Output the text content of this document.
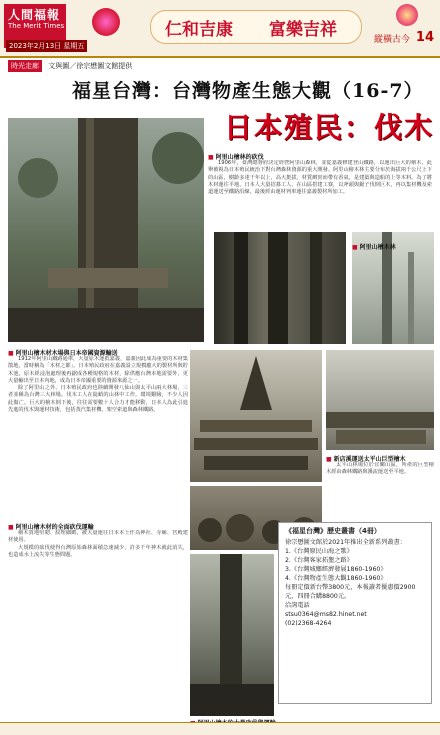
人間福報
The Merit Times
2023年2月13日 星期五
仁和吉康 富樂吉祥	縱橫古今 14
時光走廊 文與圖／徐宗懋圖文館提供
福星台灣：台灣物產生態大觀（16-7）
日本殖民：伐木
■ 阿里山檜林的砍伐

1906年，臺灣總督府決定經營阿里山森林，並從嘉義修建登山鐵路，以運出巨大的檜木，此舉被視為日本殖民統治下對台灣森林資源的重大開發。阿里山檜木林主要分布於海拔兩千公尺上下的山區，樹齡多達千年以上，高大挺拔，材質緻密而帶有香氣，是建築與造船的上等木料。為了將木材運往平地，日本人大量招募工人，在山區搭建工寮，以斧頭與鋸子伐倒巨木，再以集材機及索道運送至鐵路沿線，最後經由運材列車運往嘉義製材所加工。

■ 阿里山檜木林
■ 阿里山檜木材木場與日本帝國資源輸送

1912年阿里山鐵路通車，大量原木運抵嘉義，嘉義因此成為重要的木材集散地，當時稱為「木材之都」。日本殖民政府在嘉義設立規模龐大的製材所與貯木池，原木經浸泡處理後再鋸成各種規格的木材，除供應台灣本地需要外，更大量輸出至日本內地，成為日本帝國重要的資源來源之一。

除了阿里山之外，日本殖民政府也陸續開發八仙山與太平山兩大林場，三者並稱為台灣三大林場。伐木工人在陡峭的山林中工作，環境艱險，不少人因此傷亡。巨大的檜木倒下後，往往需要數十人合力才能移動，日本人為此引進先進的伐木與運材技術，包括蒸汽集材機、架空索道與森林鐵路。

■ 新店溪運送太平山巨型檜木

太平山林場位於宜蘭山區，所產的巨型檜木經由森林鐵路與溪流運送至平地。

■ 阿里山檜木材的全面砍伐運輸

檜木質地堅韌、紋理細緻，被大量運往日本本土作為神社、寺廟、宮殿建材使用。

大規模的砍伐使得台灣原始森林面積急速減少，許多千年神木就此消失，也造成水土流失等生態問題。

■
《福星台灣》歷史叢書（4冊）
徐宗懋圖文館於2021年推出全新系列叢書：
1.《台灣原民山海之歌》
2.《台灣客家拓墾之路》
3.《台灣城鄉經濟發展1860-1960》
4.《台灣物產生態大觀1860-1960》
每冊定價新台幣3800元，本報讀者優惠價2900元，四冊合購8800元。
洽詢電話
stsu0364@ms82.hinet.net
(02)2368-4264
